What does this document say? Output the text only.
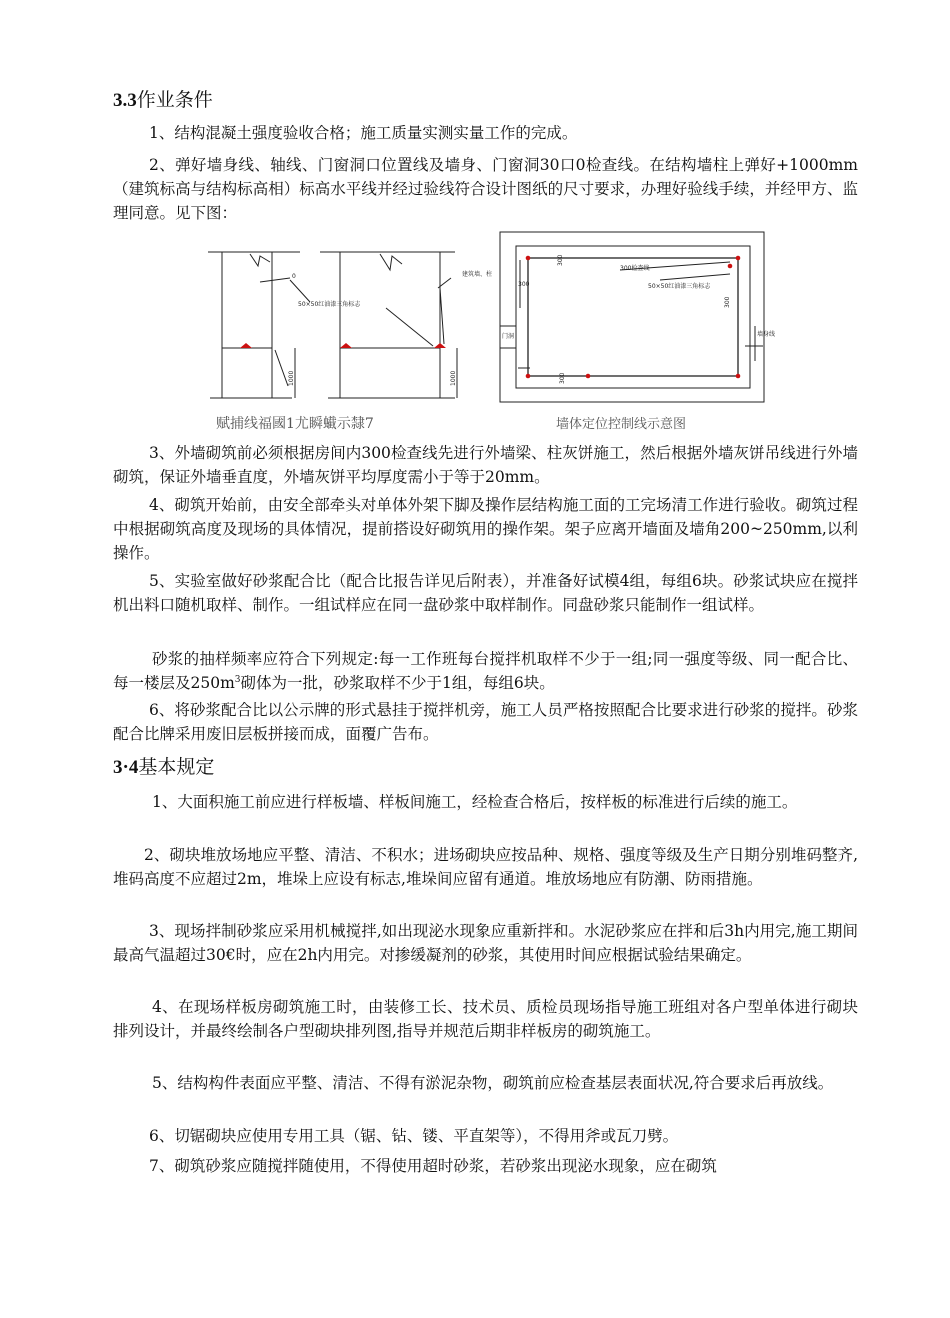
3.3作业条件
1、结构混凝土强度验收合格；施工质量实测实量工作的完成。
2、弹好墙身线、轴线、门窗洞口位置线及墙身、门窗洞30口0检查线。在结构墙柱上弹好+1000mm（建筑标高与结构标高相）标高水平线并经过验线符合设计图纸的尺寸要求，办理好验线手续，并经甲方、监理同意。见下图：
0
50×50红油漆三角标志
建筑墙、柱
1000	1000
300
300
300
300
300检查线
50×50红油漆三角标志
门洞	墙身线
赋捕线福國1尤瞬蠘示隸7	墙体定位控制线示意图
3、外墙砌筑前必须根据房间内300检查线先进行外墙梁、柱灰饼施工，然后根据外墙灰饼吊线进行外墙砌筑，保证外墙垂直度，外墙灰饼平均厚度需小于等于20mm。
4、砌筑开始前，由安全部牵头对单体外架下脚及操作层结构施工面的工完场清工作进行验收。砌筑过程中根据砌筑高度及现场的具体情况，提前搭设好砌筑用的操作架。架子应离开墙面及墙角200~250mm,以利操作。
5、实验室做好砂浆配合比（配合比报告详见后附表），并准备好试模4组，每组6块。砂浆试块应在搅拌机出料口随机取样、制作。一组试样应在同一盘砂浆中取样制作。同盘砂浆只能制作一组试样。
砂浆的抽样频率应符合下列规定:每一工作班每台搅拌机取样不少于一组;同一强度等级、同一配合比、每一楼层及$250m^3$砌体为一批，砂浆取样不少于1组，每组6块。
6、将砂浆配合比以公示牌的形式悬挂于搅拌机旁，施工人员严格按照配合比要求进行砂浆的搅拌。砂浆配合比牌采用废旧层板拼接而成，面覆广告布。
3·4基本规定
1、大面积施工前应进行样板墙、样板间施工，经检查合格后，按样板的标准进行后续的施工。
2、砌块堆放场地应平整、清洁、不积水；进场砌块应按品种、规格、强度等级及生产日期分别堆码整齐,堆码高度不应超过2m，堆垛上应设有标志,堆垛间应留有通道。堆放场地应有防潮、防雨措施。
3、现场拌制砂浆应采用机械搅拌,如出现泌水现象应重新拌和。水泥砂浆应在拌和后3h内用完,施工期间最高气温超过30€时，应在2h内用完。对掺缓凝剂的砂浆，其使用时间应根据试验结果确定。
4、在现场样板房砌筑施工时，由装修工长、技术员、质检员现场指导施工班组对各户型单体进行砌块排列设计，并最终绘制各户型砌块排列图,指导并规范后期非样板房的砌筑施工。
5、结构构件表面应平整、清洁、不得有淤泥杂物，砌筑前应检查基层表面状况,符合要求后再放线。
6、切锯砌块应使用专用工具（锯、钻、镂、平直架等），不得用斧或瓦刀劈。
7、砌筑砂浆应随搅拌随使用，不得使用超时砂浆，若砂浆出现泌水现象，应在砌筑
